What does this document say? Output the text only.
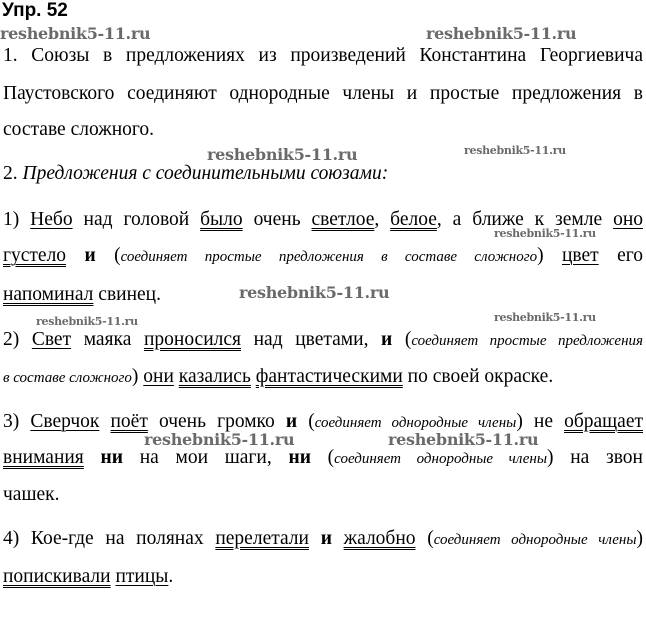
Упр. 52
reshebnik5-11.ru	reshebnik5-11.ru
reshebnik5-11.ru	reshebnik5-11.ru
reshebnik5-11.ru
reshebnik5-11.ru
reshebnik5-11.ru	reshebnik5-11.ru
reshebnik5-11.ru	reshebnik5-11.ru
1. Союзы в предложениях из произведений Константина Георгиевича
Паустовского соединяют однородные члены и простые предложения в
составе сложного.
2. Предложения с соединительными союзами:
1) Небо над головой было очень светлое, белое, а ближе к земле оно
густело и (соединяет простые предложения в составе сложного) цвет его
напоминал свинец.
2) Свет маяка проносился над цветами, и (соединяет простые предложения
в составе сложного) они казались фантастическими по своей окраске.
3) Сверчок поёт очень громко и (соединяет однородные члены) не обращает
внимания ни на мои шаги, ни (соединяет однородные члены) на звон
чашек.
4) Кое-где на полянах перелетали и жалобно (соединяет однородные члены)
попискивали птицы.
